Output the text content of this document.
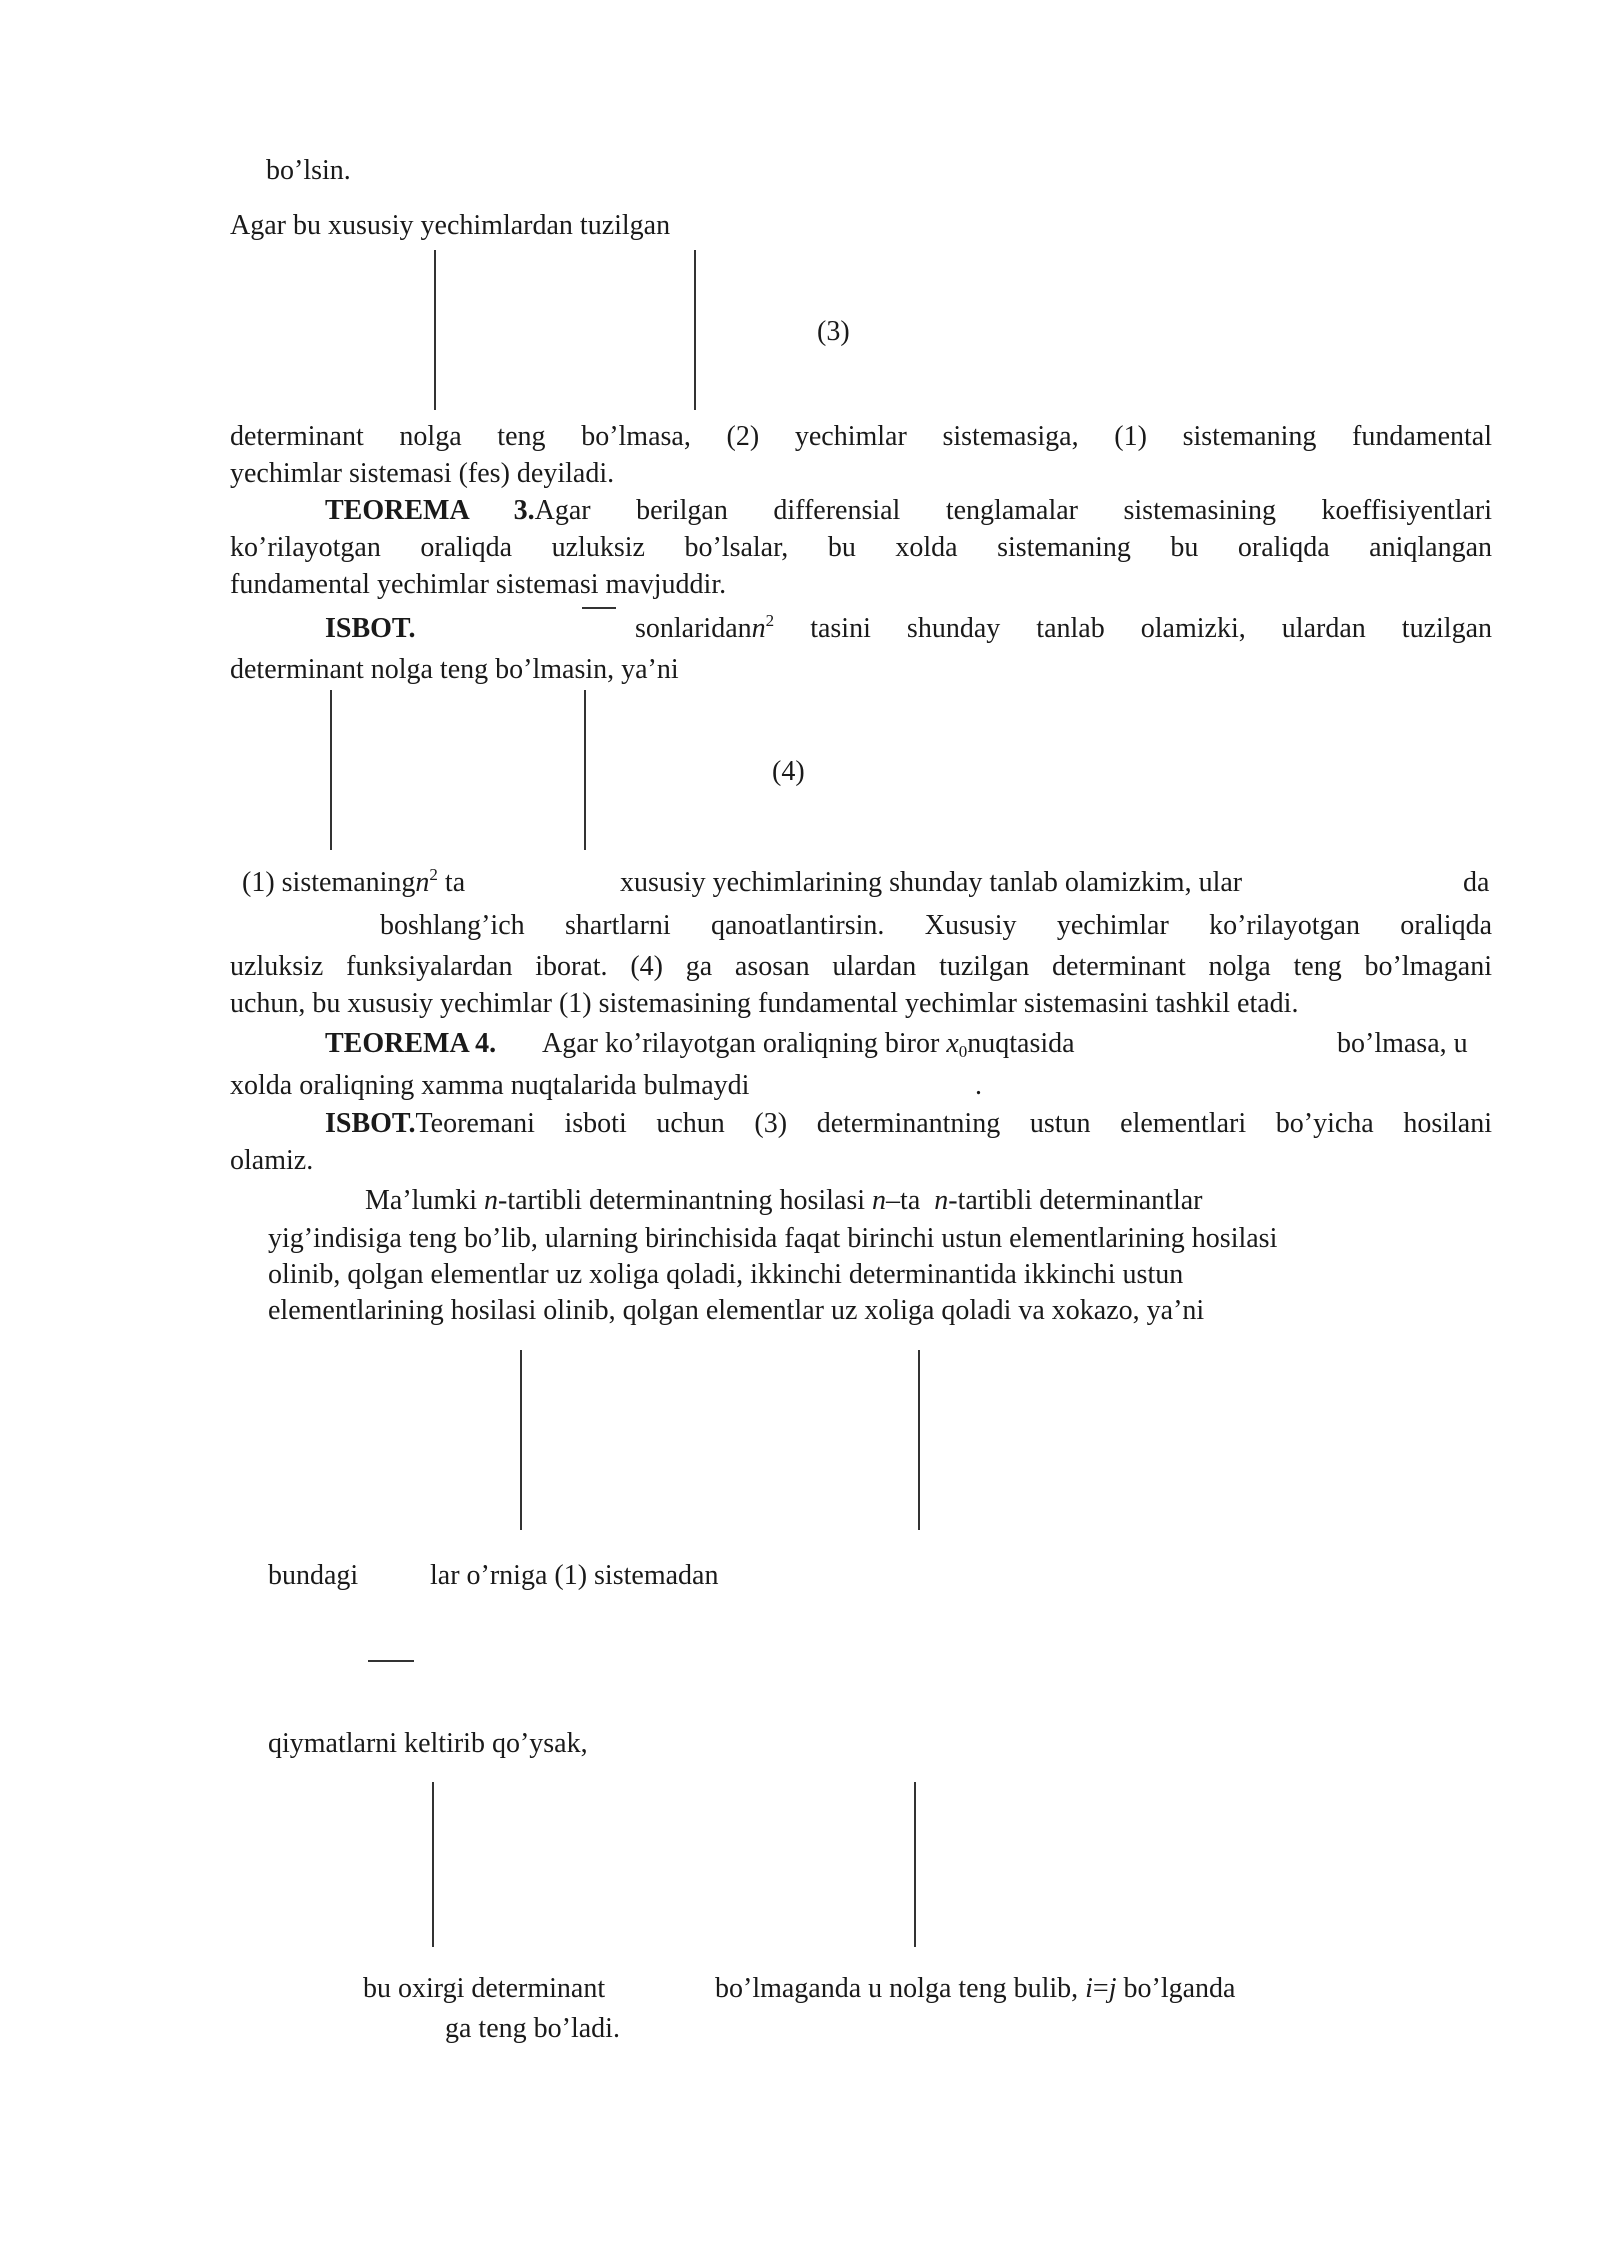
bo’lsin.
Agar bu xususiy yechimlardan tuzilgan
(3)
determinant nolga teng bo’lmasa, (2) yechimlar sistemasiga, (1) sistemaning fundamental
yechimlar sistemasi (fes) deyiladi.
TEOREMA 3.Agar berilgan differensial tenglamalar sistemasining koeffisiyentlari
ko’rilayotgan oraliqda uzluksiz bo’lsalar, bu xolda sistemaning bu oraliqda aniqlangan
fundamental yechimlar sistemasi mavjuddir.
ISBOT.	sonlaridann$^2$ tasini shunday tanlab olamizki, ulardan tuzilgan
determinant nolga teng bo’lmasin, ya’ni
(4)
(1) sistemaningn$^2$ ta	xususiy yechimlarining shunday tanlab olamizkim, ular	da
boshlang’ich shartlarni qanoatlantirsin. Xususiy yechimlar ko’rilayotgan oraliqda
uzluksiz funksiyalardan iborat. (4) ga asosan ulardan tuzilgan determinant nolga teng bo’lmagani
uchun, bu xususiy yechimlar (1) sistemasining fundamental yechimlar sistemasini tashkil etadi.
TEOREMA 4. Agar ko’rilayotgan oraliqning biror $x_0nuqtasida$	bo’lmasa, u
xolda oraliqning xamma nuqtalarida bulmaydi	.
ISBOT.Teoremani isboti uchun (3) determinantning ustun elementlari bo’yicha hosilani
olamiz.
Ma’lumki n-tartibli determinantning hosilasi n–ta n-tartibli determinantlar
yig’indisiga teng bo’lib, ularning birinchisida faqat birinchi ustun elementlarining hosilasi
olinib, qolgan elementlar uz xoliga qoladi, ikkinchi determinantida ikkinchi ustun
elementlarining hosilasi olinib, qolgan elementlar uz xoliga qoladi va xokazo, ya’ni
bundagi	lar o’rniga (1) sistemadan
qiymatlarni keltirib qo’ysak,
bu oxirgi determinant	bo’lmaganda u nolga teng bulib, i=j bo’lganda
ga teng bo’ladi.
